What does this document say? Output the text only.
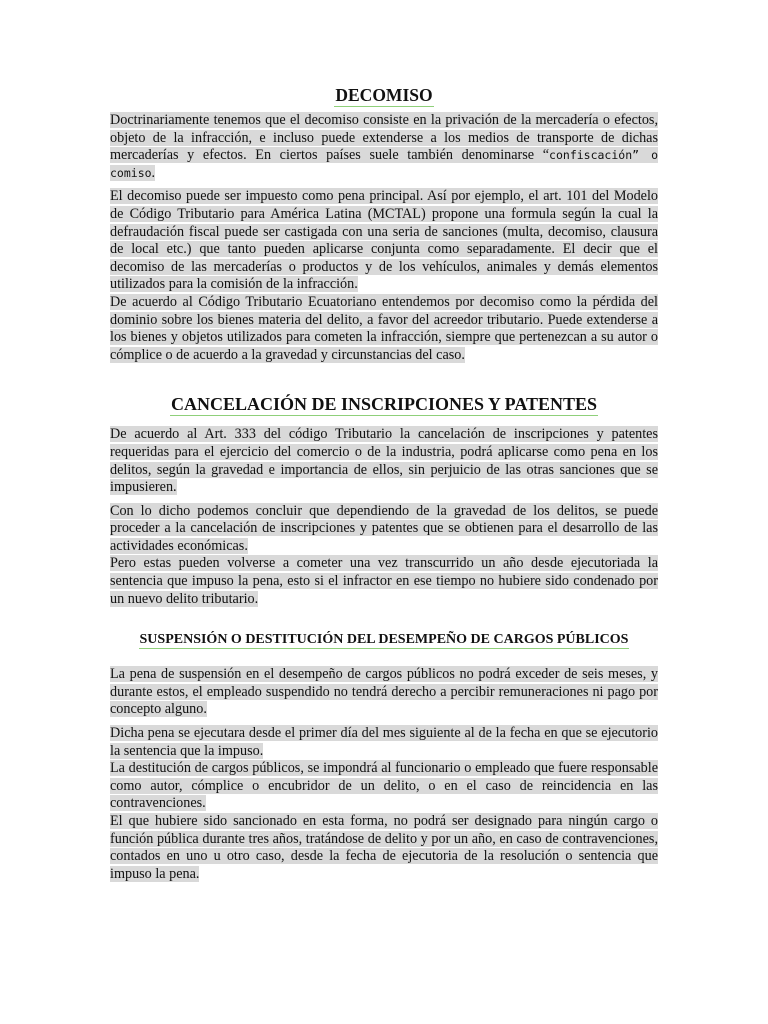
DECOMISO

Doctrinariamente tenemos que el decomiso consiste en la privación de la mercadería o efectos, objeto de la infracción, e incluso puede extenderse a los medios de transporte de dichas mercaderías y efectos. En ciertos países suele también denominarse “confiscación” o comiso.

El decomiso puede ser impuesto como pena principal. Así por ejemplo, el art. 101 del Modelo de Código Tributario para América Latina (MCTAL) propone una formula según la cual la defraudación fiscal puede ser castigada con una seria de sanciones (multa, decomiso, clausura de local etc.) que tanto pueden aplicarse conjunta como separadamente. El decir que el decomiso de las mercaderías o productos y de los vehículos, animales y demás elementos utilizados para la comisión de la infracción.

De acuerdo al Código Tributario Ecuatoriano entendemos por decomiso como la pérdida del dominio sobre los bienes materia del delito, a favor del acreedor tributario. Puede extenderse a los bienes y objetos utilizados para cometen la infracción, siempre que pertenezcan a su autor o cómplice o de acuerdo a la gravedad y circunstancias del caso.

CANCELACIÓN DE INSCRIPCIONES Y PATENTES

De acuerdo al Art. 333 del código Tributario la cancelación de inscripciones y patentes requeridas para el ejercicio del comercio o de la industria, podrá aplicarse como pena en los delitos, según la gravedad e importancia de ellos, sin perjuicio de las otras sanciones que se impusieren.

Con lo dicho podemos concluir que dependiendo de la gravedad de los delitos, se puede proceder a la cancelación de inscripciones y patentes que se obtienen para el desarrollo de las actividades económicas.

Pero estas pueden volverse a cometer una vez transcurrido un año desde ejecutoriada la sentencia que impuso la pena, esto si el infractor en ese tiempo no hubiere sido condenado por un nuevo delito tributario.

SUSPENSIÓN O DESTITUCIÓN DEL DESEMPEÑO DE CARGOS PÚBLICOS

La pena de suspensión en el desempeño de cargos públicos no podrá exceder de seis meses, y durante estos, el empleado suspendido no tendrá derecho a percibir remuneraciones ni pago por concepto alguno.

Dicha pena se ejecutara desde el primer día del mes siguiente al de la fecha en que se ejecutorio la sentencia que la impuso.

La destitución de cargos públicos, se impondrá al funcionario o empleado que fuere responsable como autor, cómplice o encubridor de un delito, o en el caso de reincidencia en las contravenciones.

El que hubiere sido sancionado en esta forma, no podrá ser designado para ningún cargo o función pública durante tres años, tratándose de delito y por un año, en caso de contravenciones, contados en uno u otro caso, desde la fecha de ejecutoria de la resolución o sentencia que impuso la pena.
